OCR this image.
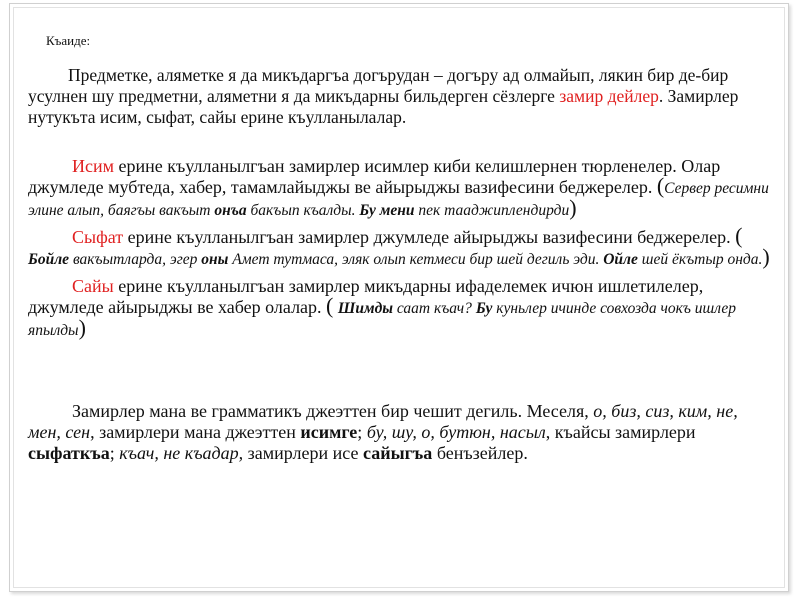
Къаиде:
Предметке, аляметке я да микъдаргъа догърудан – догъру ад олмайып, лякин бир де-бир усулнен шу предметни, аляметни я да микъдарны бильдерген сёзлерге замир дейлер. Замирлер нутукъта исим, сыфат, сайы ерине къулланылалар.
Исим ерине къулланылгъан замирлер исимлер киби келишлернен тюрленелер. Олар джумледе мубтеда, хабер, тамамлайыджы ве айырыджы вазифесини беджерелер. (Сервер ресимни элине алып, баягъы вакъыт онъа бакъып къалды. Бу мени пек тааджиплендирди)
Сыфат ерине къулланылгъан замирлер джумледе айырыджы вазифесини беджерелер. ( Бойле вакъытларда, эгер оны Амет тутмаса, эляк олып кетмеси бир шей дегиль эди. Ойле шей ёкътыр онда.)
Сайы ерине къулланылгъан замирлер микъдарны ифаделемек ичюн ишлетилелер, джумледе айырыджы ве хабер олалар. ( Шимды саат къач? Бу куньлер ичинде совхозда чокъ ишлер япылды)
Замирлер мана ве грамматикъ джеэттен бир чешит дегиль. Меселя, о, биз, сиз, ким, не, мен, сен, замирлери мана джеэттен исимге; бу, шу, о, бутюн, насыл, къайсы замирлери сыфаткъа; къач, не къадар, замирлери исе сайыгъа бенъзейлер.
